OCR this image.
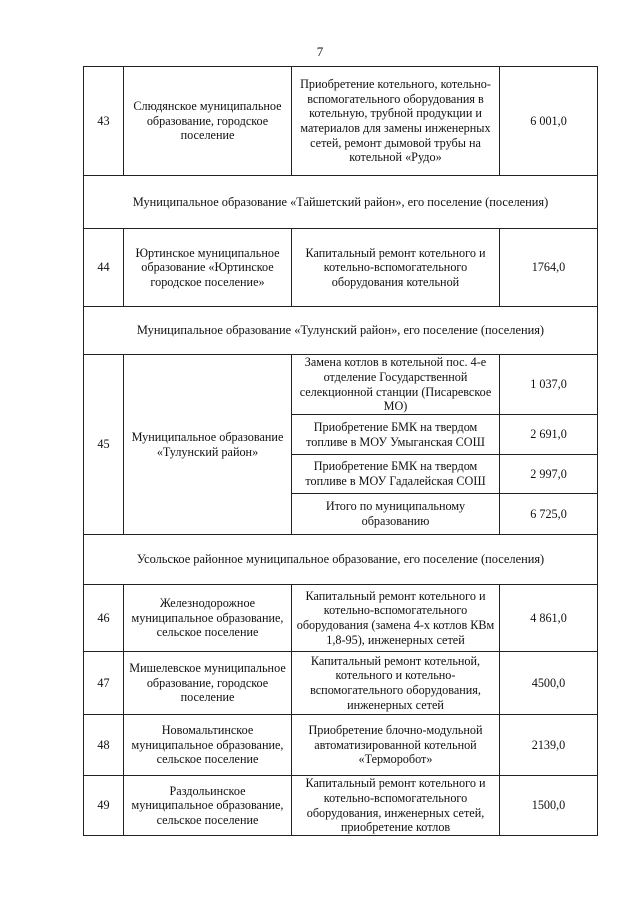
7
43	Слюдянское муниципальное образование, городское поселение	Приобретение котельного, котельно-вспомогательного оборудования в котельную, трубной продукции и материалов для замены инженерных сетей, ремонт дымовой трубы на котельной «Рудо»	6 001,0
Муниципальное образование «Тайшетский район», его поселение (поселения)			
44	Юртинское муниципальное образование «Юртинское городское поселение»	Капитальный ремонт котельного и котельно-вспомогательного оборудования котельной	1764,0
Муниципальное образование «Тулунский район», его поселение (поселения)			
45	Муниципальное образование «Тулунский район»	Замена котлов в котельной пос. 4-е отделение Государственной селекционной станции (Писаревское МО)	1 037,0
		Приобретение БМК на твердом топливе в МОУ Умыганская СОШ	2 691,0
		Приобретение БМК на твердом топливе в МОУ Гадалейская СОШ	2 997,0
		Итого по муниципальному образованию	6 725,0
Усольское районное муниципальное образование, его поселение (поселения)			
46	Железнодорожное муниципальное образование, сельское поселение	Капитальный ремонт котельного и котельно-вспомогательного оборудования (замена 4-х котлов КВм 1,8-95), инженерных сетей	4 861,0
47	Мишелевское муниципальное образование, городское поселение	Капитальный ремонт котельной, котельного и котельно-вспомогательного оборудования, инженерных сетей	4500,0
48	Новомальтинское муниципальное образование, сельское поселение	Приобретение блочно-модульной автоматизированной котельной «Терморобот»	2139,0
49	Раздольинское муниципальное образование, сельское поселение	Капитальный ремонт котельного и котельно-вспомогательного оборудования, инженерных сетей, приобретение котлов	1500,0
